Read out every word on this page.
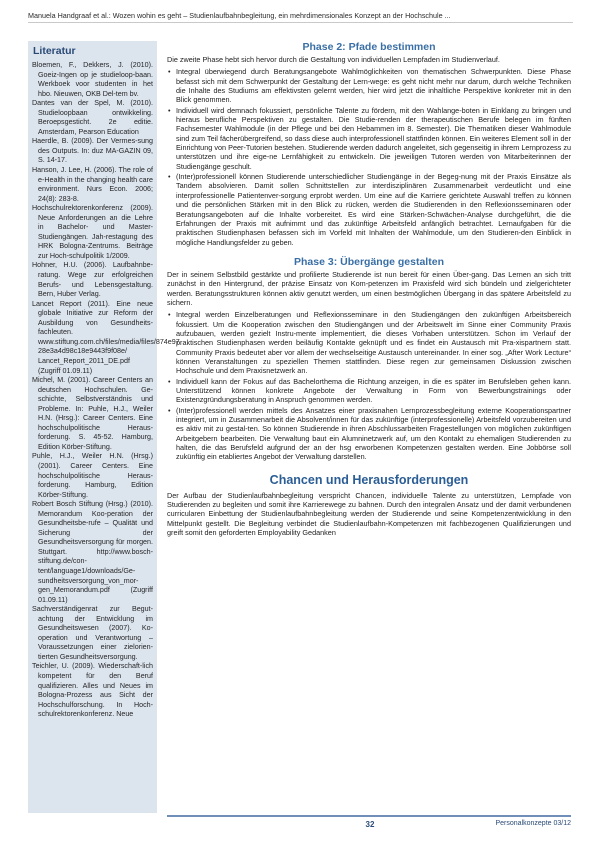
Manuela Handgraaf et al.: Wozen wohin es geht – Studienlaufbahnbegleitung, ein mehrdimensionales Konzept an der Hochschule ...
Literatur
Bloemen, F., Dekkers, J. (2010). Goeiz-Ingen op je studieloop-baan. Werkboek voor studenten in het hbo. Nieuwen, OKB Del-tem bv.
Dantes van der Spel, M. (2010). Studieloopbaan ontwikkeling. Beroepsgesticht. 2e editie. Amsterdam, Pearson Education
Haerdle, B. (2009). Der Vermes-sung des Outputs. In: duz MA-GAZIN 09, S. 14-17.
Hanson, J. Lee, H. (2006). The role of e-Health in the changing health care environment. Nurs Econ. 2006; 24(8): 283-8.
Hochschulrektorenkonferenz (2009). Neue Anforderungen an die Lehre in Bachelor- und Master-Studiengängen. Jah-restagung des HRK Bologna-Zentrums. Beiträge zur Hoch-schulpolitik 1/2009.
Hohner, H.U. (2006). Laufbahnbe-ratung. Wege zur erfolgreichen Berufs- und Lebensgestaltung. Bern, Huber Verlag.
Lancet Report (2011). Eine neue globale Initiative zur Reform der Ausbildung von Gesundheits-fachleuten. www.stiftung.com.ch/files/media/files/874e97 28e3a4d98c18e9443f9f08e/ Lancet_Report_2011_DE.pdf (Zugriff 01.09.11)
Michel, M. (2001). Career Centers an deutschen Hochschulen. Ge-schichte, Selbstverständnis und Probleme. In: Puhle, H.J., Weiler H.N. (Hrsg.): Career Centers. Eine hochschulpolitische Heraus-forderung. S. 45-52. Hamburg, Edition Körber-Stiftung.
Puhle, H.J., Weiler H.N. (Hrsg.) (2001). Career Centers. Eine hochschulpolitische Heraus-forderung. Hamburg, Edition Körber-Stiftung.
Robert Bosch Stiftung (Hrsg.) (2010). Memorandum Koo-peration der Gesundheitsbe-rufe – Qualität und Sicherung der Gesundheitsversorgung für morgen. Stuttgart. http://www.bosch-stiftung.de/con-tent/language1/downloads/Ge-sundheitsversorgung_von_mor-gen_Memorandum.pdf (Zugriff 01.09.11)
Sachverständigenrat zur Begut-achtung der Entwicklung im Gesundheitswesen (2007). Ko-operation und Verantwortung – Voraussetzungen einer zielorien-tierten Gesundheitsversorgung.
Teichler, U. (2009). Wiederschaft-lich kompetent für den Beruf qualifizieren. Alles und Neues im Bologna-Prozess aus Sicht der Hochschulforschung. In Hoch-schulrektorenkonferenz. Neue
Phase 2: Pfade bestimmen

Die zweite Phase hebt sich hervor durch die Gestaltung von individuellen Lernpfaden im Studienverlauf.

• Integral überwiegend durch Beratungsangebote Wahlmöglichkeiten von thematischen Schwerpunkten. Diese Phase befasst sich mit dem Schwerpunkt der Gestaltung der Lern-wege: es geht nicht mehr nur darum, durch welche Techniken die Inhalte des Studiums am effektivsten gelernt werden, hier wird jetzt die inhaltliche Perspektive konkreter mit in den Blick genommen.
• Individuell wird demnach fokussiert, persönliche Talente zu fördern, mit den Wahlange-boten in Einklang zu bringen und hieraus berufliche Perspektiven zu gestalten. Die Studie-renden der therapeutischen Berufe belegen im fünften Fachsemester Wahlmodule (in der Pflege und bei den Hebammen im 8. Semester). Die Thematiken dieser Wahlmodule sind zum Teil fächerübergreifend, so dass diese auch interprofessionell stattfinden können. Ein weiteres Element soll in der Einrichtung von Peer-Tutorien bestehen. Studierende werden dadurch angeleitet, sich gegenseitig in ihrem Lernprozess zu unterstützen und ihre eige-ne Lernfähigkeit zu entwickeln. Die jeweiligen Tutoren werden von Mitarbeiterinnen der Studiengänge geschult.
• (Inter)professionell können Studierende unterschiedlicher Studiengänge in der Begeg-nung mit der Praxis Einsätze als Tandem absolvieren. Damit sollen Schnittstellen zur interdisziplinären Zusammenarbeit verdeutlicht und eine interprofessionelle Patientenver-sorgung erprobt werden. Um eine auf die Karriere gerichtete Auswahl treffen zu können und die persönlichen Stärken mit in den Blick zu rücken, werden die Studierenden in den Reflexionsseminaren oder Beratungsangeboten auf die Inhalte vorbereitet. Es wird eine Stärken-Schwächen-Analyse durchgeführt, die die Erfahrungen der Praxis mit aufnimmt und das zukünftige Arbeitsfeld anfänglich betrachtet. Lernaufgaben für die praktischen Studienphasen befassen sich im Vorfeld mit Inhalten der Wahlmodule, um den Studieren-den Einblick in mögliche Handlungsfelder zu geben.
Phase 3: Übergänge gestalten

Der in seinem Selbstbild gestärkte und profilierte Studierende ist nun bereit für einen Über-gang. Das Lernen an sich tritt zunächst in den Hintergrund, der präzise Einsatz von Kom-petenzen im Praxisfeld wird sich bündeln und zielgerichteter werden. Beratungsstrukturen können aktiv genutzt werden, um einen bestmöglichen Übergang in das spätere Arbeitsfeld zu sichern.

• Integral werden Einzelberatungen und Reflexionsseminare in den Studiengängen den zukünftigen Arbeitsbereich fokussiert. Um die Kooperation zwischen den Studiengängen und der Arbeitswelt im Sinne einer Community Praxis aufzubauen, werden gezielt Instru-mente implementiert, die dieses Vorhaben unterstützen. Schon im Verlauf der praktischen Studienphasen werden beiläufig Kontakte geknüpft und es findet ein Austausch mit Pra-xispartnern statt. Community Praxis bedeutet aber vor allem der wechselseitige Austausch untereinander. In einer sog. „After Work Lecture“ können Veranstaltungen zu speziellen Themen stattfinden. Diese regen zur gemeinsamen Diskussion zwischen Hochschule und dem Praxisnetzwerk an.
• Individuell kann der Fokus auf das Bachelorthema die Richtung anzeigen, in die es später im Berufsleben gehen kann. Unterstützend können konkrete Angebote der Verwaltung in Form von Bewerbungstrainings oder Existenzgründungsberatung in Anspruch genommen werden.
• (Inter)professionell werden mittels des Ansatzes einer praxisnahen Lernprozessbegleitung externe Kooperationspartner integriert, um in Zusammenarbeit die Absolvent/innen für das zukünftige (interprofessionelle) Arbeitsfeld vorzubereiten und es aktiv mit zu gestal-ten. So können Studierende in ihren Abschlussarbeiten Fragestellungen von möglichen zukünftigen Arbeitgebern bearbeiten. Die Verwaltung baut ein Alumninetzwerk auf, um den Kontakt zu ehemaligen Studierenden zu halten, die das Berufsfeld aufgrund der an der hsg erworbenen Kompetenzen gestalten werden. Eine Jobbörse soll zukünftig ein etabliertes Angebot der Verwaltung darstellen.
Chancen und Herausforderungen

Der Aufbau der Studienlaufbahnbegleitung verspricht Chancen, individuelle Talente zu unterstützen, Lernpfade von Studierenden zu begleiten und somit ihre Karrierewege zu bahnen. Durch den integralen Ansatz und der damit verbundenen curricularen Einbettung der Studienlaufbahnbegleitung werden der Studierende und seine Kompetenzentwicklung in den Mittelpunkt gestellt. Die Begleitung verbindet die Studienlaufbahn-Kompetenzen mit fachbezogenen Qualifizierungen und greift somit den geforderten Employability Gedanken

32	Personalkonzepte 03/12
